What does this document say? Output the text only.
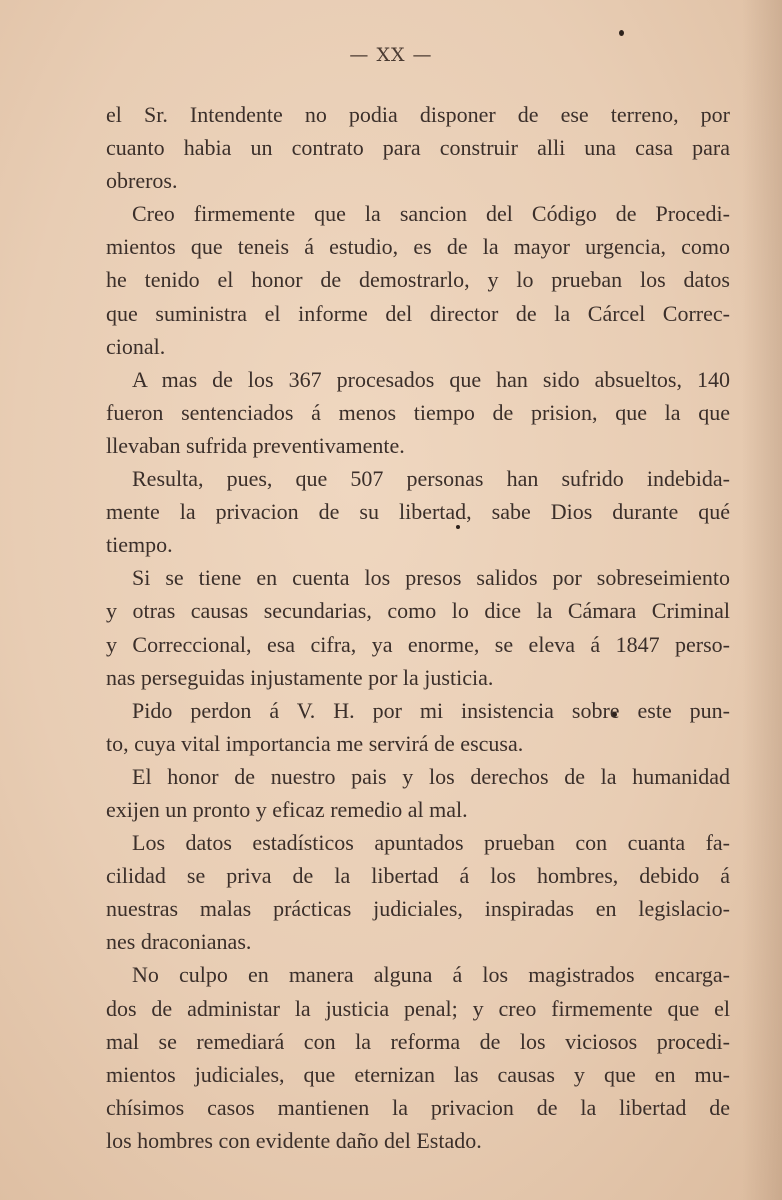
— XX —
el Sr. Intendente no podia disponer de ese terreno, por
cuanto habia un contrato para construir alli una casa para
obreros.
Creo firmemente que la sancion del Código de Procedi-
mientos que teneis á estudio, es de la mayor urgencia, como
he tenido el honor de demostrarlo, y lo prueban los datos
que suministra el informe del director de la Cárcel Correc-
cional.
A mas de los 367 procesados que han sido absueltos, 140
fueron sentenciados á menos tiempo de prision, que la que
llevaban sufrida preventivamente.
Resulta, pues, que 507 personas han sufrido indebida-
mente la privacion de su libertad, sabe Dios durante qué
tiempo.
Si se tiene en cuenta los presos salidos por sobreseimiento
y otras causas secundarias, como lo dice la Cámara Criminal
y Correccional, esa cifra, ya enorme, se eleva á 1847 perso-
nas perseguidas injustamente por la justicia.
Pido perdon á V. H. por mi insistencia sobre este pun-
to, cuya vital importancia me servirá de escusa.
El honor de nuestro pais y los derechos de la humanidad
exijen un pronto y eficaz remedio al mal.
Los datos estadísticos apuntados prueban con cuanta fa-
cilidad se priva de la libertad á los hombres, debido á
nuestras malas prácticas judiciales, inspiradas en legislacio-
nes draconianas.
No culpo en manera alguna á los magistrados encarga-
dos de administar la justicia penal; y creo firmemente que el
mal se remediará con la reforma de los viciosos procedi-
mientos judiciales, que eternizan las causas y que en mu-
chísimos casos mantienen la privacion de la libertad de
los hombres con evidente daño del Estado.
